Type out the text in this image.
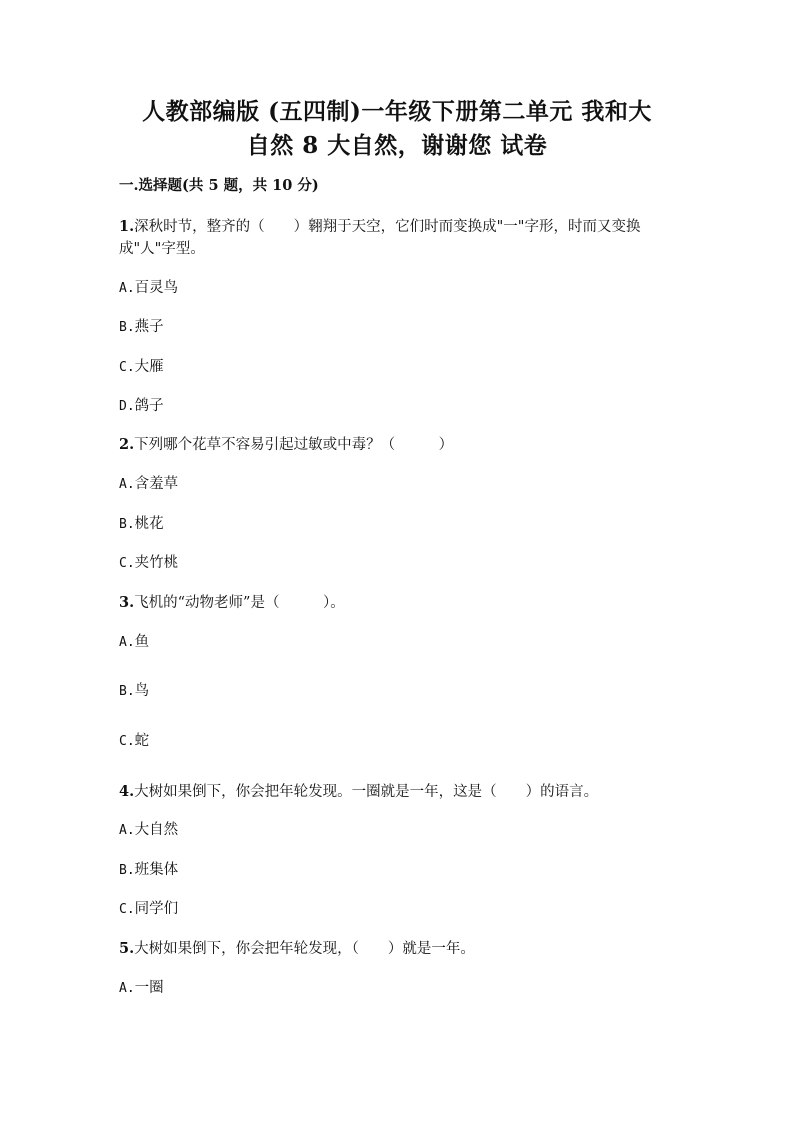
人教部编版 (五四制)一年级下册第二单元 我和大
自然 8 大自然，谢谢您 试卷
一.选择题(共 5 题，共 10 分)
1.深秋时节，整齐的（　　）翱翔于天空，它们时而变换成"一"字形，时而又变换成"人"字型。
A.百灵鸟
B.燕子
C.大雁
D.鸽子
2.下列哪个花草不容易引起过敏或中毒？（　　　）
A.含羞草
B.桃花
C.夹竹桃
3.飞机的“动物老师”是（　　　）。
A.鱼
B.鸟
C.蛇
4.大树如果倒下，你会把年轮发现。一圈就是一年，这是（　　）的语言。
A.大自然
B.班集体
C.同学们
5.大树如果倒下，你会把年轮发现，（　　）就是一年。
A.一圈
